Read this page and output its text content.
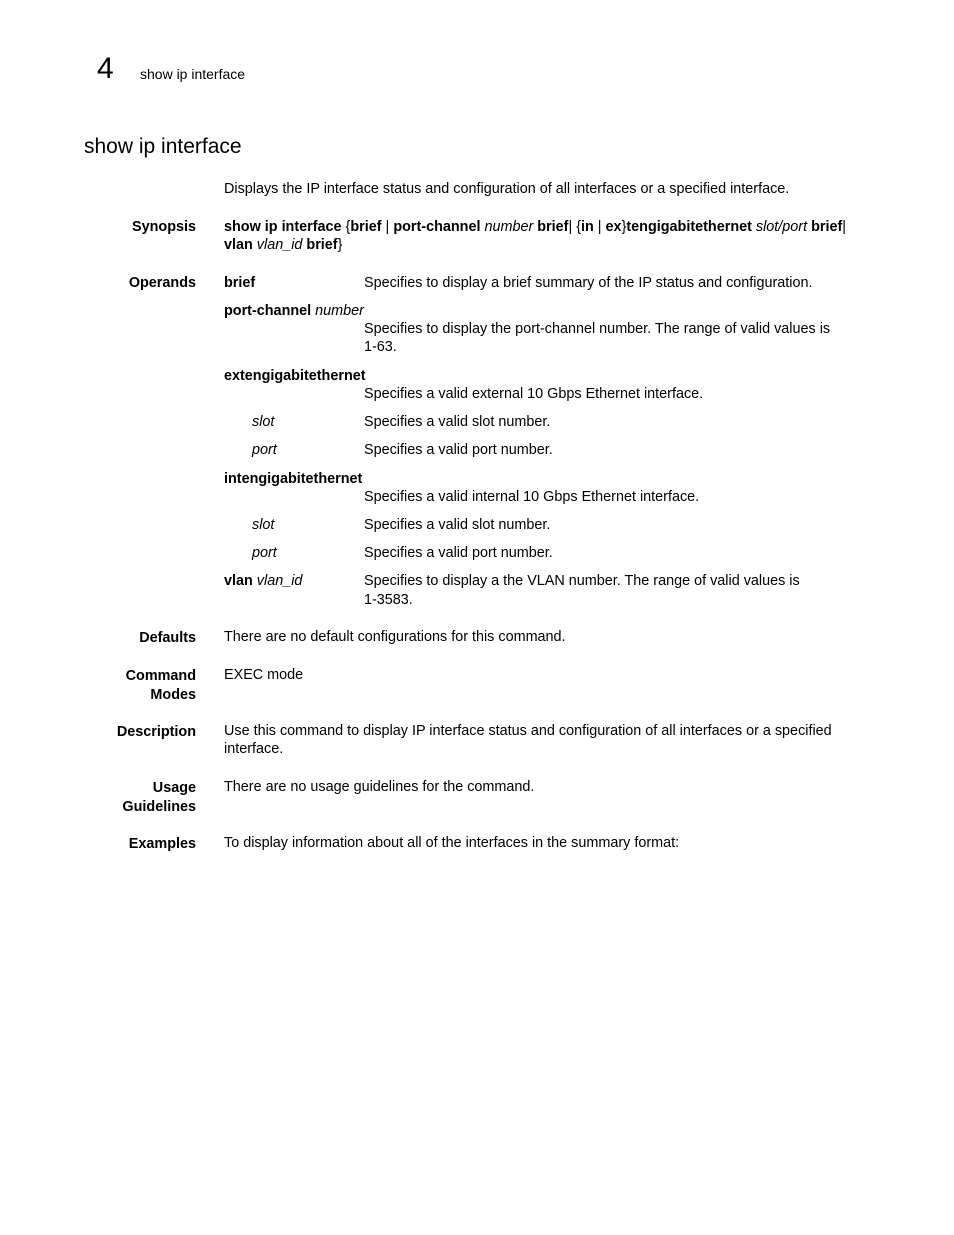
4 show ip interface
show ip interface
Displays the IP interface status and configuration of all interfaces or a specified interface.
Synopsis show ip interface {brief | port-channel number brief| {in | ex}tengigabitethernet slot/port brief|
vlan vlan_id brief}
Operands brief	Specifies to display a brief summary of the IP status and configuration.
port-channel number
Specifies to display the port-channel number. The range of valid values is
1-63.
extengigabitethernet
Specifies a valid external 10 Gbps Ethernet interface.
slot	Specifies a valid slot number.
port	Specifies a valid port number.
intengigabitethernet
Specifies a valid internal 10 Gbps Ethernet interface.
slot	Specifies a valid slot number.
port	Specifies a valid port number.
vlan vlan_id	Specifies to display a the VLAN number. The range of valid values is
1-3583.
Defaults There are no default configurations for this command.
Command
Modes
EXEC mode
Description Use this command to display IP interface status and configuration of all interfaces or a specified
interface.
Usage
Guidelines
There are no usage guidelines for the command.
Examples To display information about all of the interfaces in the summary format:
